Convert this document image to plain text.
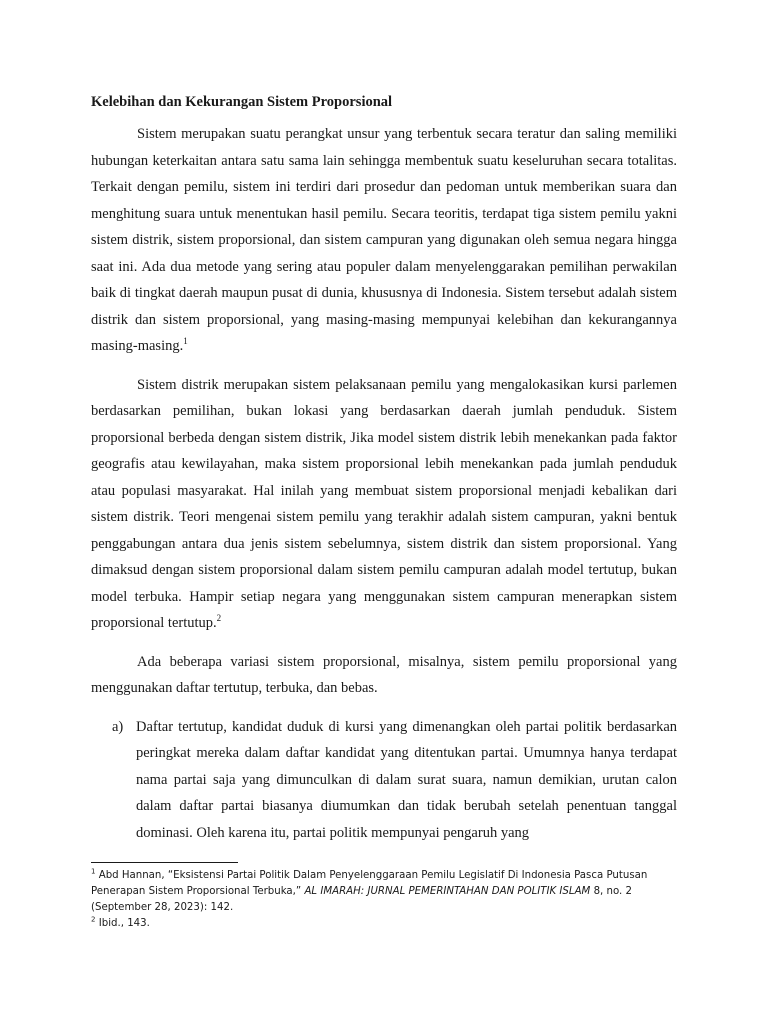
Kelebihan dan Kekurangan Sistem Proporsional

Sistem merupakan suatu perangkat unsur yang terbentuk secara teratur dan saling memiliki hubungan keterkaitan antara satu sama lain sehingga membentuk suatu keseluruhan secara totalitas. Terkait dengan pemilu, sistem ini terdiri dari prosedur dan pedoman untuk memberikan suara dan menghitung suara untuk menentukan hasil pemilu. Secara teoritis, terdapat tiga sistem pemilu yakni sistem distrik, sistem proporsional, dan sistem campuran yang digunakan oleh semua negara hingga saat ini. Ada dua metode yang sering atau populer dalam menyelenggarakan pemilihan perwakilan baik di tingkat daerah maupun pusat di dunia, khususnya di Indonesia. Sistem tersebut adalah sistem distrik dan sistem proporsional, yang masing-masing mempunyai kelebihan dan kekurangannya masing-masing.$^1$

Sistem distrik merupakan sistem pelaksanaan pemilu yang mengalokasikan kursi parlemen berdasarkan pemilihan, bukan lokasi yang berdasarkan daerah jumlah penduduk. Sistem proporsional berbeda dengan sistem distrik, Jika model sistem distrik lebih menekankan pada faktor geografis atau kewilayahan, maka sistem proporsional lebih menekankan pada jumlah penduduk atau populasi masyarakat. Hal inilah yang membuat sistem proporsional menjadi kebalikan dari sistem distrik. Teori mengenai sistem pemilu yang terakhir adalah sistem campuran, yakni bentuk penggabungan antara dua jenis sistem sebelumnya, sistem distrik dan sistem proporsional. Yang dimaksud dengan sistem proporsional dalam sistem pemilu campuran adalah model tertutup, bukan model terbuka. Hampir setiap negara yang menggunakan sistem campuran menerapkan sistem proporsional tertutup.$^2$

Ada beberapa variasi sistem proporsional, misalnya, sistem pemilu proporsional yang menggunakan daftar tertutup, terbuka, dan bebas.

a) Daftar tertutup, kandidat duduk di kursi yang dimenangkan oleh partai politik berdasarkan peringkat mereka dalam daftar kandidat yang ditentukan partai. Umumnya hanya terdapat nama partai saja yang dimunculkan di dalam surat suara, namun demikian, urutan calon dalam daftar partai biasanya diumumkan dan tidak berubah setelah penentuan tanggal dominasi. Oleh karena itu, partai politik mempunyai pengaruh yang

$^1$ Abd Hannan, “Eksistensi Partai Politik Dalam Penyelenggaraan Pemilu Legislatif Di Indonesia Pasca Putusan Penerapan Sistem Proporsional Terbuka,” AL IMARAH: JURNAL PEMERINTAHAN DAN POLITIK ISLAM 8, no. 2 (September 28, 2023): 142.

$^2$ Ibid., 143.
